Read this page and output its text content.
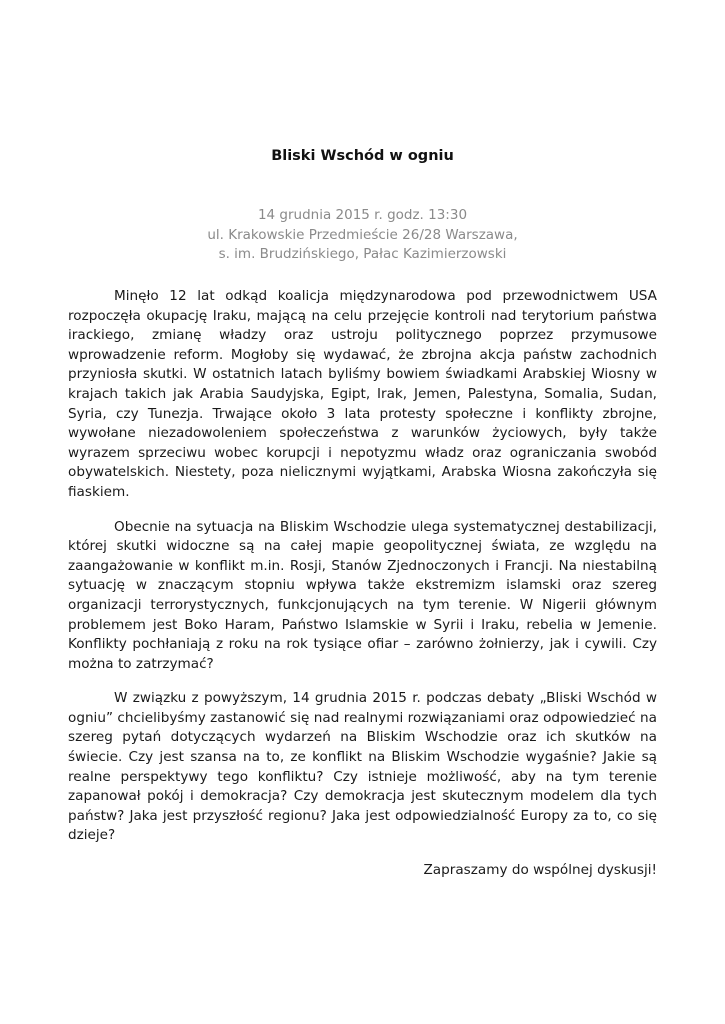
Bliski Wschód w ogniu
14 grudnia 2015 r. godz. 13:30
ul. Krakowskie Przedmieście 26/28 Warszawa,
s. im. Brudzińskiego, Pałac Kazimierzowski

Minęło 12 lat odkąd koalicja międzynarodowa pod przewodnictwem USA rozpoczęła okupację Iraku, mającą na celu przejęcie kontroli nad terytorium państwa irackiego, zmianę władzy oraz ustroju politycznego poprzez przymusowe wprowadzenie reform. Mogłoby się wydawać, że zbrojna akcja państw zachodnich przyniosła skutki. W ostatnich latach byliśmy bowiem świadkami Arabskiej Wiosny w krajach takich jak Arabia Saudyjska, Egipt, Irak, Jemen, Palestyna, Somalia, Sudan, Syria, czy Tunezja. Trwające około 3 lata protesty społeczne i konflikty zbrojne, wywołane niezadowoleniem społeczeństwa z warunków życiowych, były także wyrazem sprzeciwu wobec korupcji i nepotyzmu władz oraz ograniczania swobód obywatelskich. Niestety, poza nielicznymi wyjątkami, Arabska Wiosna zakończyła się fiaskiem.

Obecnie na sytuacja na Bliskim Wschodzie ulega systematycznej destabilizacji, której skutki widoczne są na całej mapie geopolitycznej świata, ze względu na zaangażowanie w konflikt m.in. Rosji, Stanów Zjednoczonych i Francji. Na niestabilną sytuację w znaczącym stopniu wpływa także ekstremizm islamski oraz szereg organizacji terrorystycznych, funkcjonujących na tym terenie. W Nigerii głównym problemem jest Boko Haram, Państwo Islamskie w Syrii i Iraku, rebelia w Jemenie. Konflikty pochłaniają z roku na rok tysiące ofiar – zarówno żołnierzy, jak i cywili. Czy można to zatrzymać?

W związku z powyższym, 14 grudnia 2015 r. podczas debaty „Bliski Wschód w ogniu” chcielibyśmy zastanowić się nad realnymi rozwiązaniami oraz odpowiedzieć na szereg pytań dotyczących wydarzeń na Bliskim Wschodzie oraz ich skutków na świecie. Czy jest szansa na to, ze konflikt na Bliskim Wschodzie wygaśnie? Jakie są realne perspektywy tego konfliktu? Czy istnieje możliwość, aby na tym terenie zapanował pokój i demokracja? Czy demokracja jest skutecznym modelem dla tych państw? Jaka jest przyszłość regionu? Jaka jest odpowiedzialność Europy za to, co się dzieje?

Zapraszamy do wspólnej dyskusji!
